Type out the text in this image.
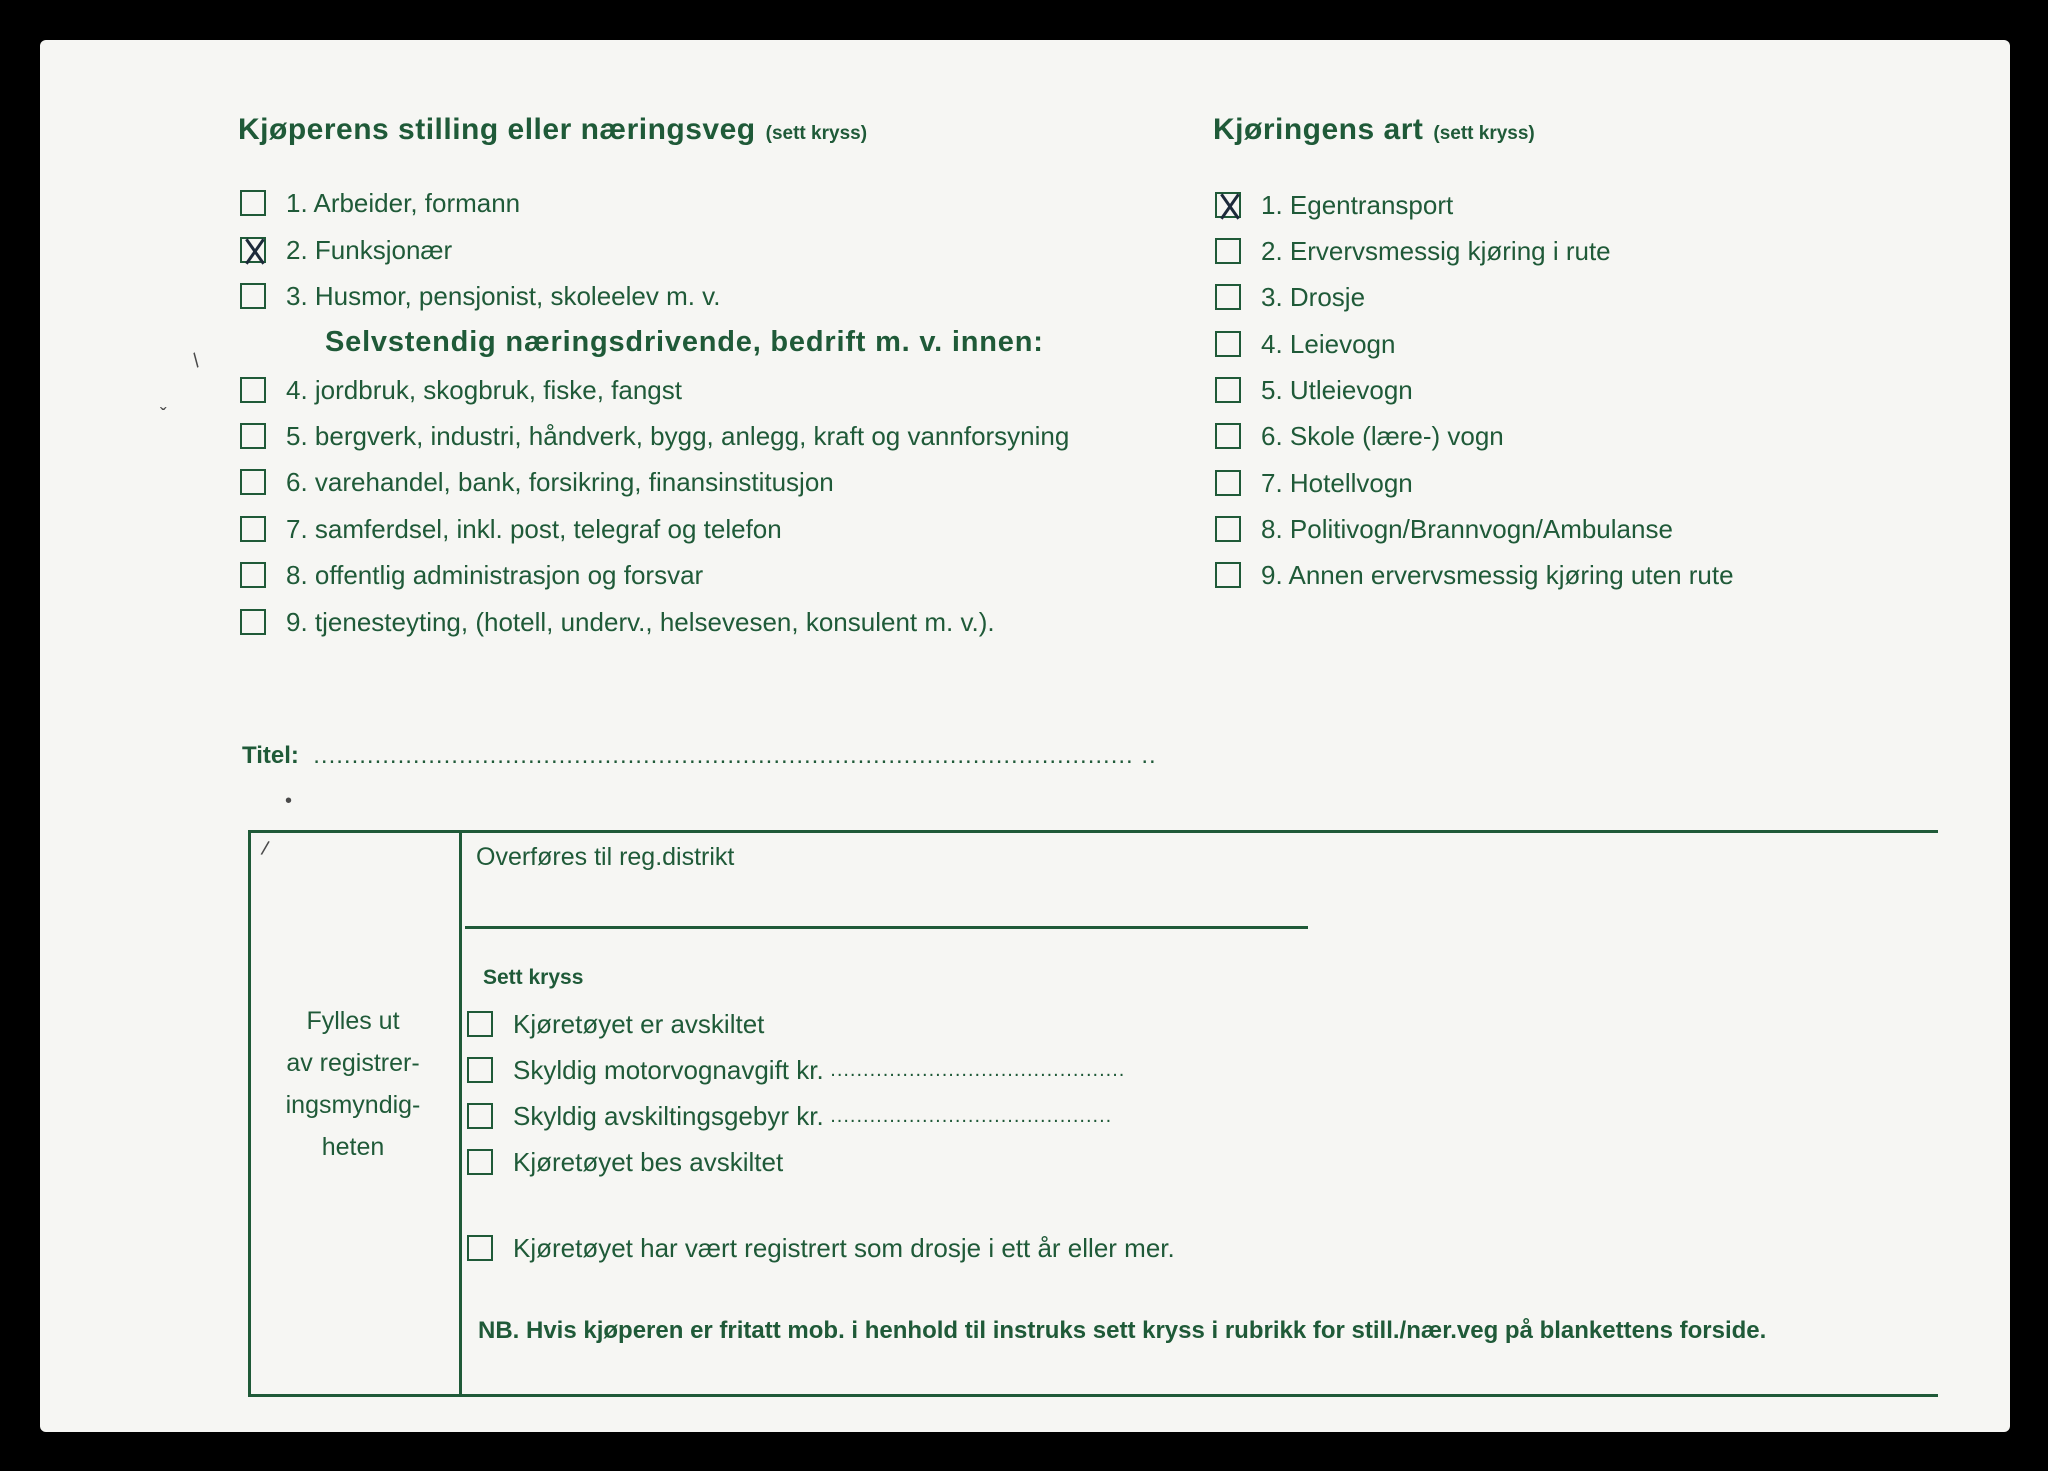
Kjøperens stilling eller næringsveg (sett kryss)	Kjøringens art (sett kryss)
1. Arbeider, formann
2. Funksjonær
3. Husmor, pensjonist, skoleelev m. v.
Selvstendig næringsdrivende, bedrift m. v. innen:
4. jordbruk, skogbruk, fiske, fangst
5. bergverk, industri, håndverk, bygg, anlegg, kraft og vannforsyning
6. varehandel, bank, forsikring, finansinstitusjon
7. samferdsel, inkl. post, telegraf og telefon
8. offentlig administrasjon og forsvar
9. tjenesteyting, (hotell, underv., helsevesen, konsulent m. v.).
1. Egentransport
2. Ervervsmessig kjøring i rute
3. Drosje
4. Leievogn
5. Utleievogn
6. Skole (lære-) vogn
7. Hotellvogn
8. Politivogn/Brannvogn/Ambulanse
9. Annen ervervsmessig kjøring uten rute
Titel:  ........................................................................................................... ..
/
ˇ
•
/
Fylles ut
av registrer-
ingsmyndig-
heten
Overføres til reg.distrikt
Sett kryss
Kjøretøyet er avskiltet
Skyldig motorvognavgift kr. .............................................
Skyldig avskiltingsgebyr kr. ...........................................
Kjøretøyet bes avskiltet
Kjøretøyet har vært registrert som drosje i ett år eller mer.
NB. Hvis kjøperen er fritatt mob. i henhold til instruks sett kryss i rubrikk for still./nær.veg på blankettens forside.
